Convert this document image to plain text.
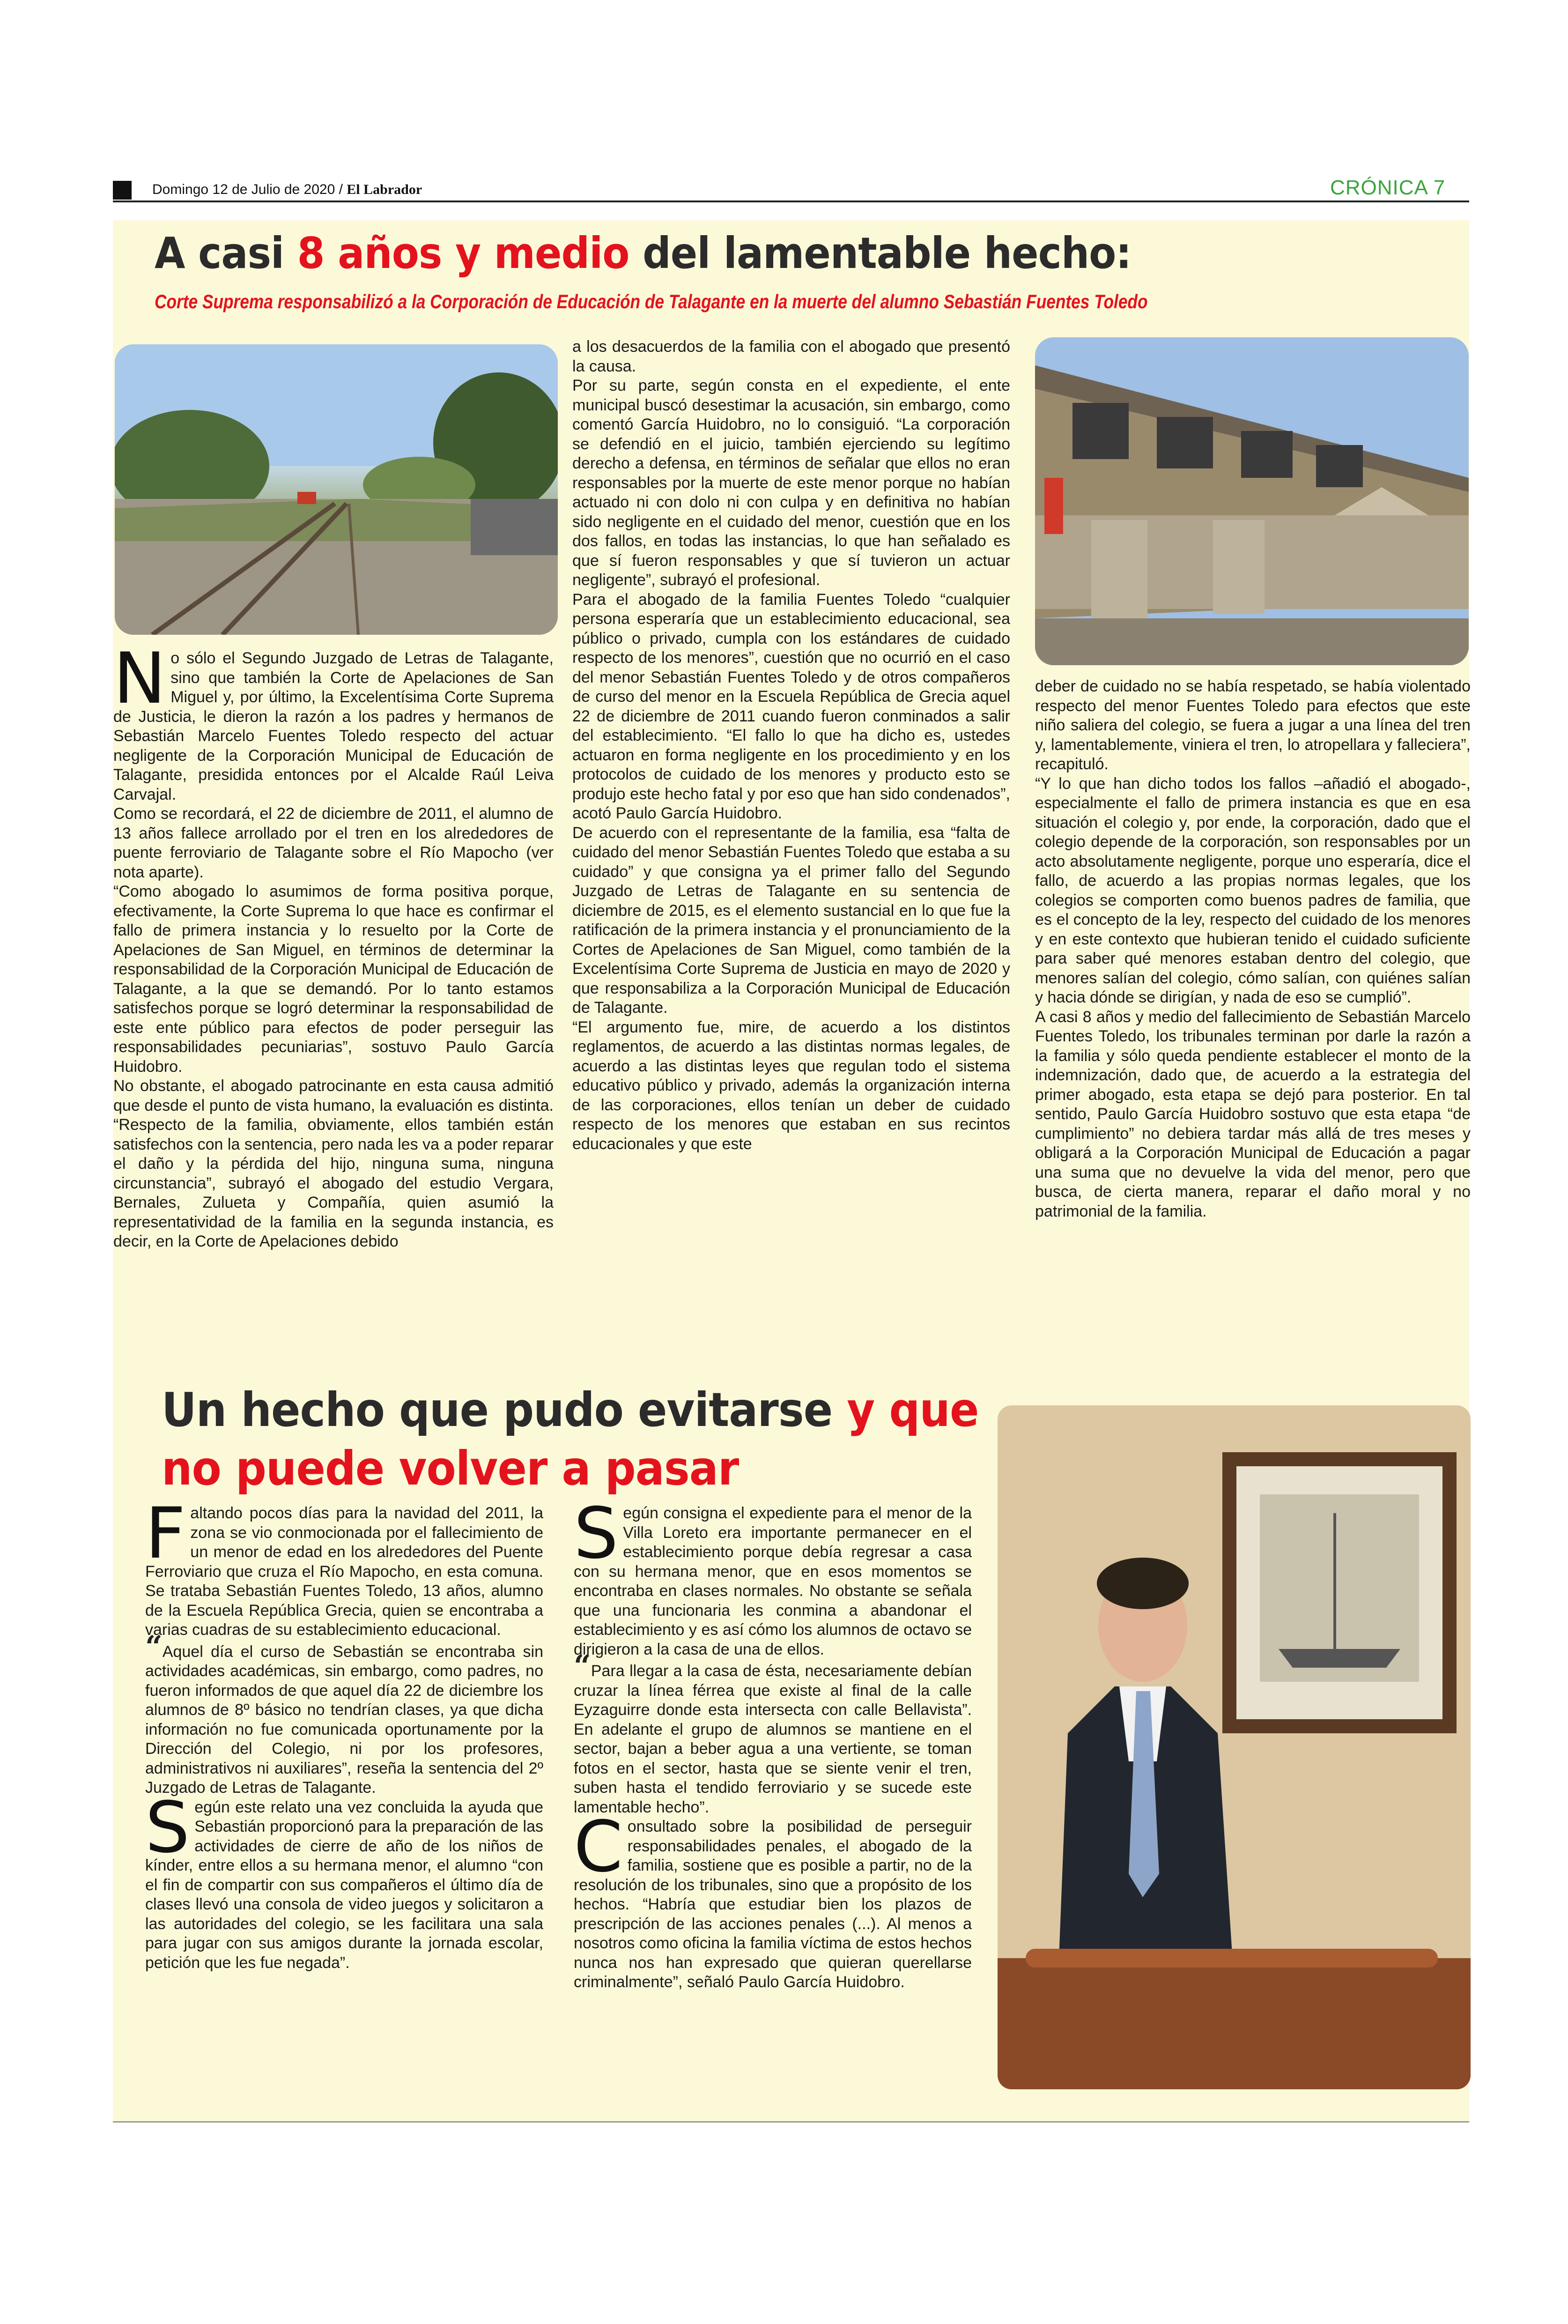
Domingo 12 de Julio de 2020 / El Labrador	CRÓNICA 7
A casi 8 años y medio del lamentable hecho:
Corte Suprema responsabilizó a la Corporación de Educación de Talagante en la muerte del alumno Sebastián Fuentes Toledo
N o sólo el Segundo Juzgado de Letras de Talagante, sino que también la Corte de Apelaciones de San Miguel y, por último, la Excelentísima Corte Suprema de Justicia, le dieron la razón a los padres y hermanos de Sebastián Marcelo Fuentes Toledo respecto del actuar negligente de la Corporación Municipal de Educación de Talagante, presidida entonces por el Alcalde Raúl Leiva Carvajal.

Como se recordará, el 22 de diciembre de 2011, el alumno de 13 años fallece arrollado por el tren en los alrededores de puente ferroviario de Talagante sobre el Río Mapocho (ver nota aparte).

“Como abogado lo asumimos de forma positiva porque, efectivamente, la Corte Suprema lo que hace es confirmar el fallo de primera instancia y lo resuelto por la Corte de Apelaciones de San Miguel, en términos de determinar la responsabilidad de la Corporación Municipal de Educación de Talagante, a la que se demandó. Por lo tanto estamos satisfechos porque se logró determinar la responsabilidad de este ente público para efectos de poder perseguir las responsabilidades pecuniarias”, sostuvo Paulo García Huidobro.

No obstante, el abogado patrocinante en esta causa admitió que desde el punto de vista humano, la evaluación es distinta. “Respecto de la familia, obviamente, ellos también están satisfechos con la sentencia, pero nada les va a poder reparar el daño y la pérdida del hijo, ninguna suma, ninguna circunstancia”, subrayó el abogado del estudio Vergara, Bernales, Zulueta y Compañía, quien asumió la representatividad de la familia en la segunda instancia, es decir, en la Corte de Apelaciones debido

a los desacuerdos de la familia con el abogado que presentó la causa.

Por su parte, según consta en el expediente, el ente municipal buscó desestimar la acusación, sin embargo, como comentó García Huidobro, no lo consiguió. “La corporación se defendió en el juicio, también ejerciendo su legítimo derecho a defensa, en términos de señalar que ellos no eran responsables por la muerte de este menor porque no habían actuado ni con dolo ni con culpa y en definitiva no habían sido negligente en el cuidado del menor, cuestión que en los dos fallos, en todas las instancias, lo que han señalado es que sí fueron responsables y que sí tuvieron un actuar negligente”, subrayó el profesional.

Para el abogado de la familia Fuentes Toledo “cualquier persona esperaría que un establecimiento educacional, sea público o privado, cumpla con los estándares de cuidado respecto de los menores”, cuestión que no ocurrió en el caso del menor Sebastián Fuentes Toledo y de otros compañeros de curso del menor en la Escuela República de Grecia aquel 22 de diciembre de 2011 cuando fueron conminados a salir del establecimiento. “El fallo lo que ha dicho es, ustedes actuaron en forma negligente en los procedimiento y en los protocolos de cuidado de los menores y producto esto se produjo este hecho fatal y por eso que han sido condenados”, acotó Paulo García Huidobro.

De acuerdo con el representante de la familia, esa “falta de cuidado del menor Sebastián Fuentes Toledo que estaba a su cuidado” y que consigna ya el primer fallo del Segundo Juzgado de Letras de Talagante en su sentencia de diciembre de 2015, es el elemento sustancial en lo que fue la ratificación de la primera instancia y el pronunciamiento de la Cortes de Apelaciones de San Miguel, como también de la Excelentísima Corte Suprema de Justicia en mayo de 2020 y que responsabiliza a la Corporación Municipal de Educación de Talagante.

“El argumento fue, mire, de acuerdo a los distintos reglamentos, de acuerdo a las distintas normas legales, de acuerdo a las distintas leyes que regulan todo el sistema educativo público y privado, además la organización interna de las corporaciones, ellos tenían un deber de cuidado respecto de los menores que estaban en sus recintos educacionales y que este

deber de cuidado no se había respetado, se había violentado respecto del menor Fuentes Toledo para efectos que este niño saliera del colegio, se fuera a jugar a una línea del tren y, lamentablemente, viniera el tren, lo atropellara y falleciera”, recapituló.

“Y lo que han dicho todos los fallos –añadió el abogado-, especialmente el fallo de primera instancia es que en esa situación el colegio y, por ende, la corporación, dado que el colegio depende de la corporación, son responsables por un acto absolutamente negligente, porque uno esperaría, dice el fallo, de acuerdo a las propias normas legales, que los colegios se comporten como buenos padres de familia, que es el concepto de la ley, respecto del cuidado de los menores y en este contexto que hubieran tenido el cuidado suficiente para saber qué menores estaban dentro del colegio, que menores salían del colegio, cómo salían, con quiénes salían y hacia dónde se dirigían, y nada de eso se cumplió”.

A casi 8 años y medio del fallecimiento de Sebastián Marcelo Fuentes Toledo, los tribunales terminan por darle la razón a la familia y sólo queda pendiente establecer el monto de la indemnización, dado que, de acuerdo a la estrategia del primer abogado, esta etapa se dejó para posterior. En tal sentido, Paulo García Huidobro sostuvo que esta etapa “de cumplimiento” no debiera tardar más allá de tres meses y obligará a la Corporación Municipal de Educación a pagar una suma que no devuelve la vida del menor, pero que busca, de cierta manera, reparar el daño moral y no patrimonial de la familia.

Un hecho que pudo evitarse y que
no puede volver a pasar
F altando pocos días para la navidad del 2011, la zona se vio conmocionada por el fallecimiento de un menor de edad en los alrededores del Puente Ferroviario que cruza el Río Mapocho, en esta comuna. Se trataba Sebastián Fuentes Toledo, 13 años, alumno de la Escuela República Grecia, quien se encontraba a varias cuadras de su establecimiento educacional.

“Aquel día el curso de Sebastián se encontraba sin actividades académicas, sin embargo, como padres, no fueron informados de que aquel día 22 de diciembre los alumnos de 8º básico no tendrían clases, ya que dicha información no fue comunicada oportunamente por la Dirección del Colegio, ni por los profesores, administrativos ni auxiliares”, reseña la sentencia del 2º Juzgado de Letras de Talagante.

S egún este relato una vez concluida la ayuda que Sebastián proporcionó para la preparación de las actividades de cierre de año de los niños de kínder, entre ellos a su hermana menor, el alumno “con el fin de compartir con sus compañeros el último día de clases llevó una consola de video juegos y solicitaron a las autoridades del colegio, se les facilitara una sala para jugar con sus amigos durante la jornada escolar, petición que les fue negada”.

S egún consigna el expediente para el menor de la Villa Loreto era importante permanecer en el establecimiento porque debía regresar a casa con su hermana menor, que en esos momentos se encontraba en clases normales. No obstante se señala que una funcionaria les conmina a abandonar el establecimiento y es así cómo los alumnos de octavo se dirigieron a la casa de una de ellos.

“Para llegar a la casa de ésta, necesariamente debían cruzar la línea férrea que existe al final de la calle Eyzaguirre donde esta intersecta con calle Bellavista”. En adelante el grupo de alumnos se mantiene en el sector, bajan a beber agua a una vertiente, se toman fotos en el sector, hasta que se siente venir el tren, suben hasta el tendido ferroviario y se sucede este lamentable hecho”.

C onsultado sobre la posibilidad de perseguir responsabilidades penales, el abogado de la familia, sostiene que es posible a partir, no de la resolución de los tribunales, sino que a propósito de los hechos. “Habría que estudiar bien los plazos de prescripción de las acciones penales (...). Al menos a nosotros como oficina la familia víctima de estos hechos nunca nos han expresado que quieran querellarse criminalmente”, señaló Paulo García Huidobro.
